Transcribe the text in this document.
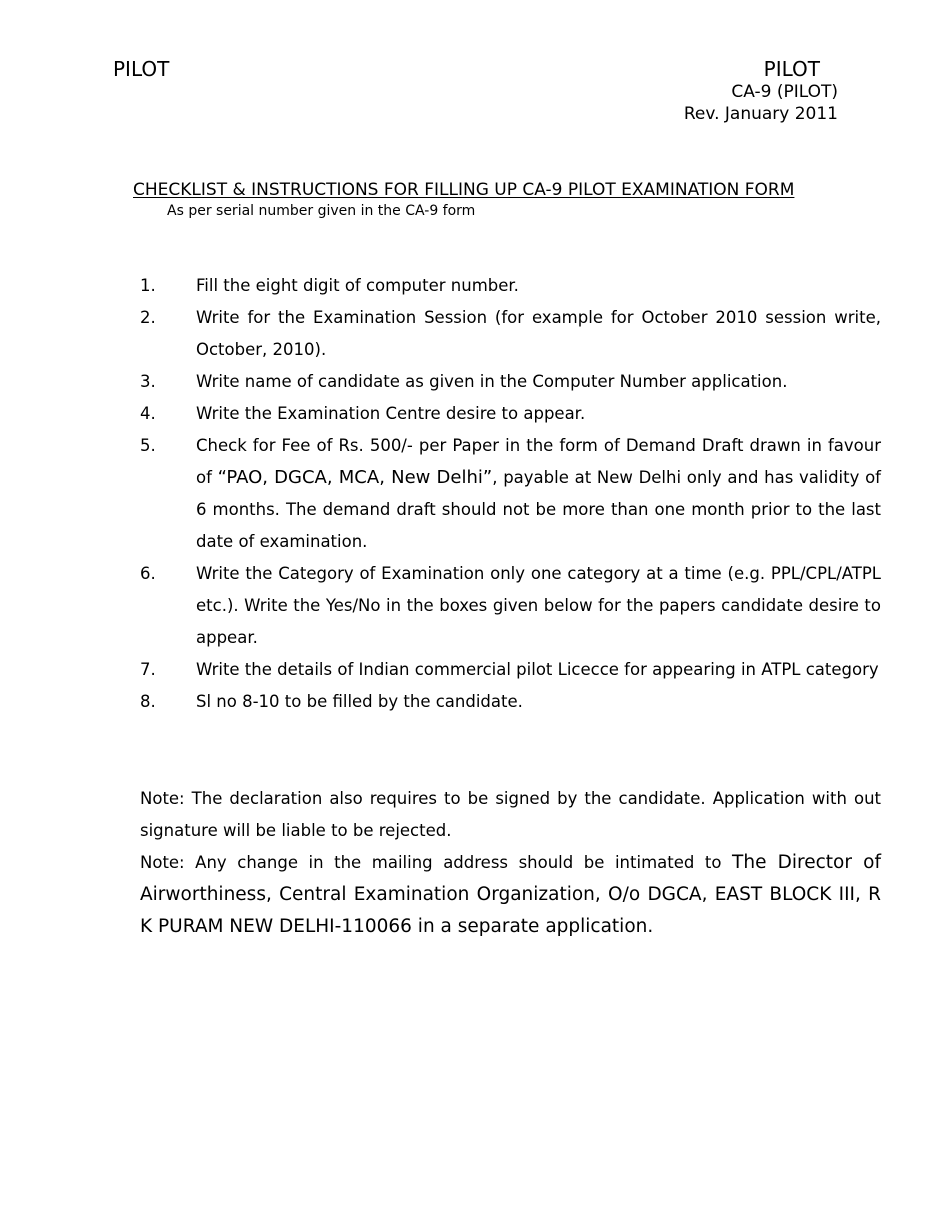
PILOT	PILOT
CA-9 (PILOT)
Rev. January 2011
CHECKLIST & INSTRUCTIONS FOR FILLING UP CA-9 PILOT EXAMINATION FORM
As per serial number given in the CA-9 form
1.	Fill the eight digit of computer number.
2.	Write for the Examination Session (for example for October 2010 session write, October, 2010).
3.	Write name of candidate as given in the Computer Number application.
4.	Write the Examination Centre desire to appear.
5.	Check for Fee of Rs. 500/- per Paper in the form of Demand Draft drawn in favour of “PAO, DGCA, MCA, New Delhi”, payable at New Delhi only and has validity of 6 months. The demand draft should not be more than one month prior to the last date of examination.
6.	Write the Category of Examination only one category at a time (e.g. PPL/CPL/ATPL etc.). Write the Yes/No in the boxes given below for the papers candidate desire to appear.
7.	Write the details of Indian commercial pilot Licecce for appearing in ATPL category
8.	Sl no 8-10 to be filled by the candidate.

Note: The declaration also requires to be signed by the candidate. Application with out signature will be liable to be rejected.

Note: Any change in the mailing address should be intimated to The Director of Airworthiness, Central Examination Organization, O/o DGCA, EAST BLOCK III, R K PURAM NEW DELHI-110066 in a separate application.
